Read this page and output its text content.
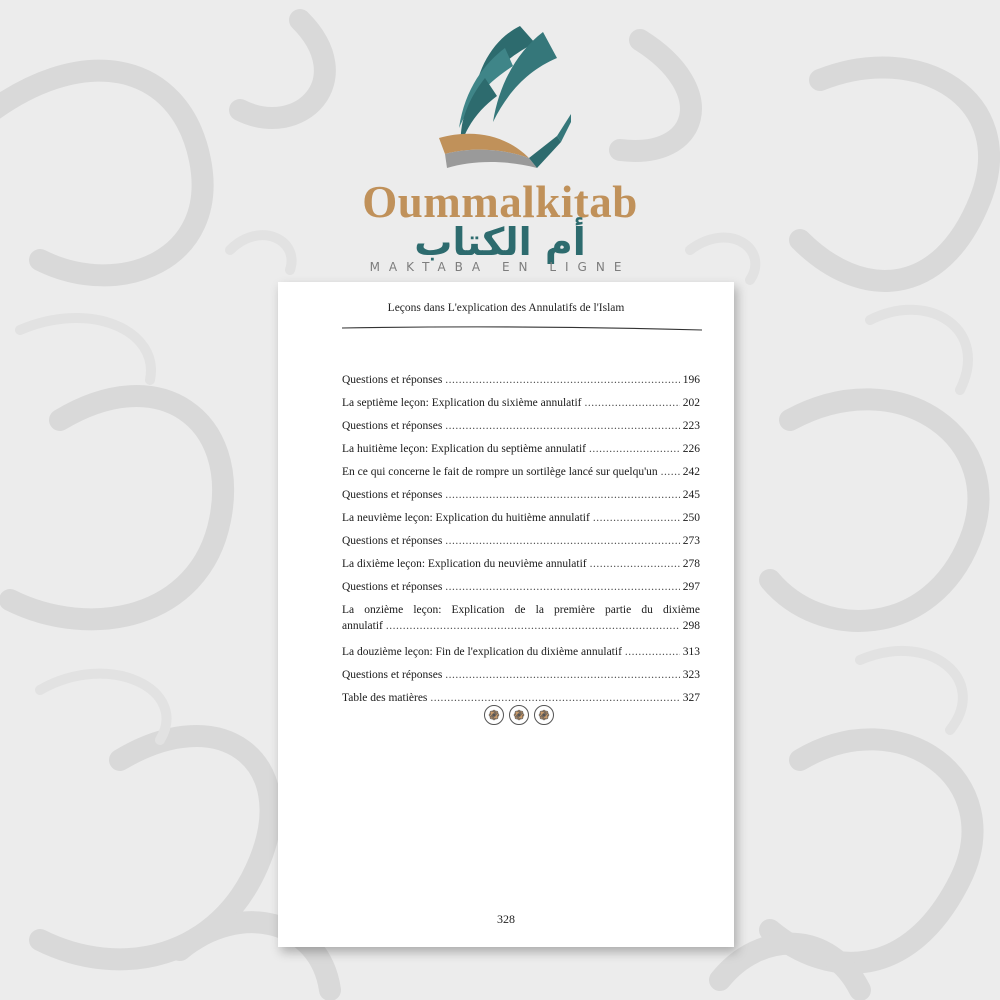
Oummalkitab
أم الكتاب
MAKTABA EN LIGNE
Leçons dans L'explication des Annulatifs de l'Islam
Questions et réponses .....	196
La septième leçon: Explication du sixième annulatif .....	202
Questions et réponses .....	223
La huitième leçon: Explication du septième annulatif .....	226
En ce qui concerne le fait de rompre un sortilège lancé sur quelqu'un ..... 242
Questions et réponses .....	245
La neuvième leçon: Explication du huitième annulatif .....	250
Questions et réponses .....	273
La dixième leçon: Explication du neuvième annulatif .....	278
Questions et réponses .....	297
La onzième leçon: Explication de la première partie du dixième
annulatif .....	298
La douzième leçon: Fin de l'explication du dixième annulatif .....	313
Questions et réponses .....	323
Table des matières .....	327
328
